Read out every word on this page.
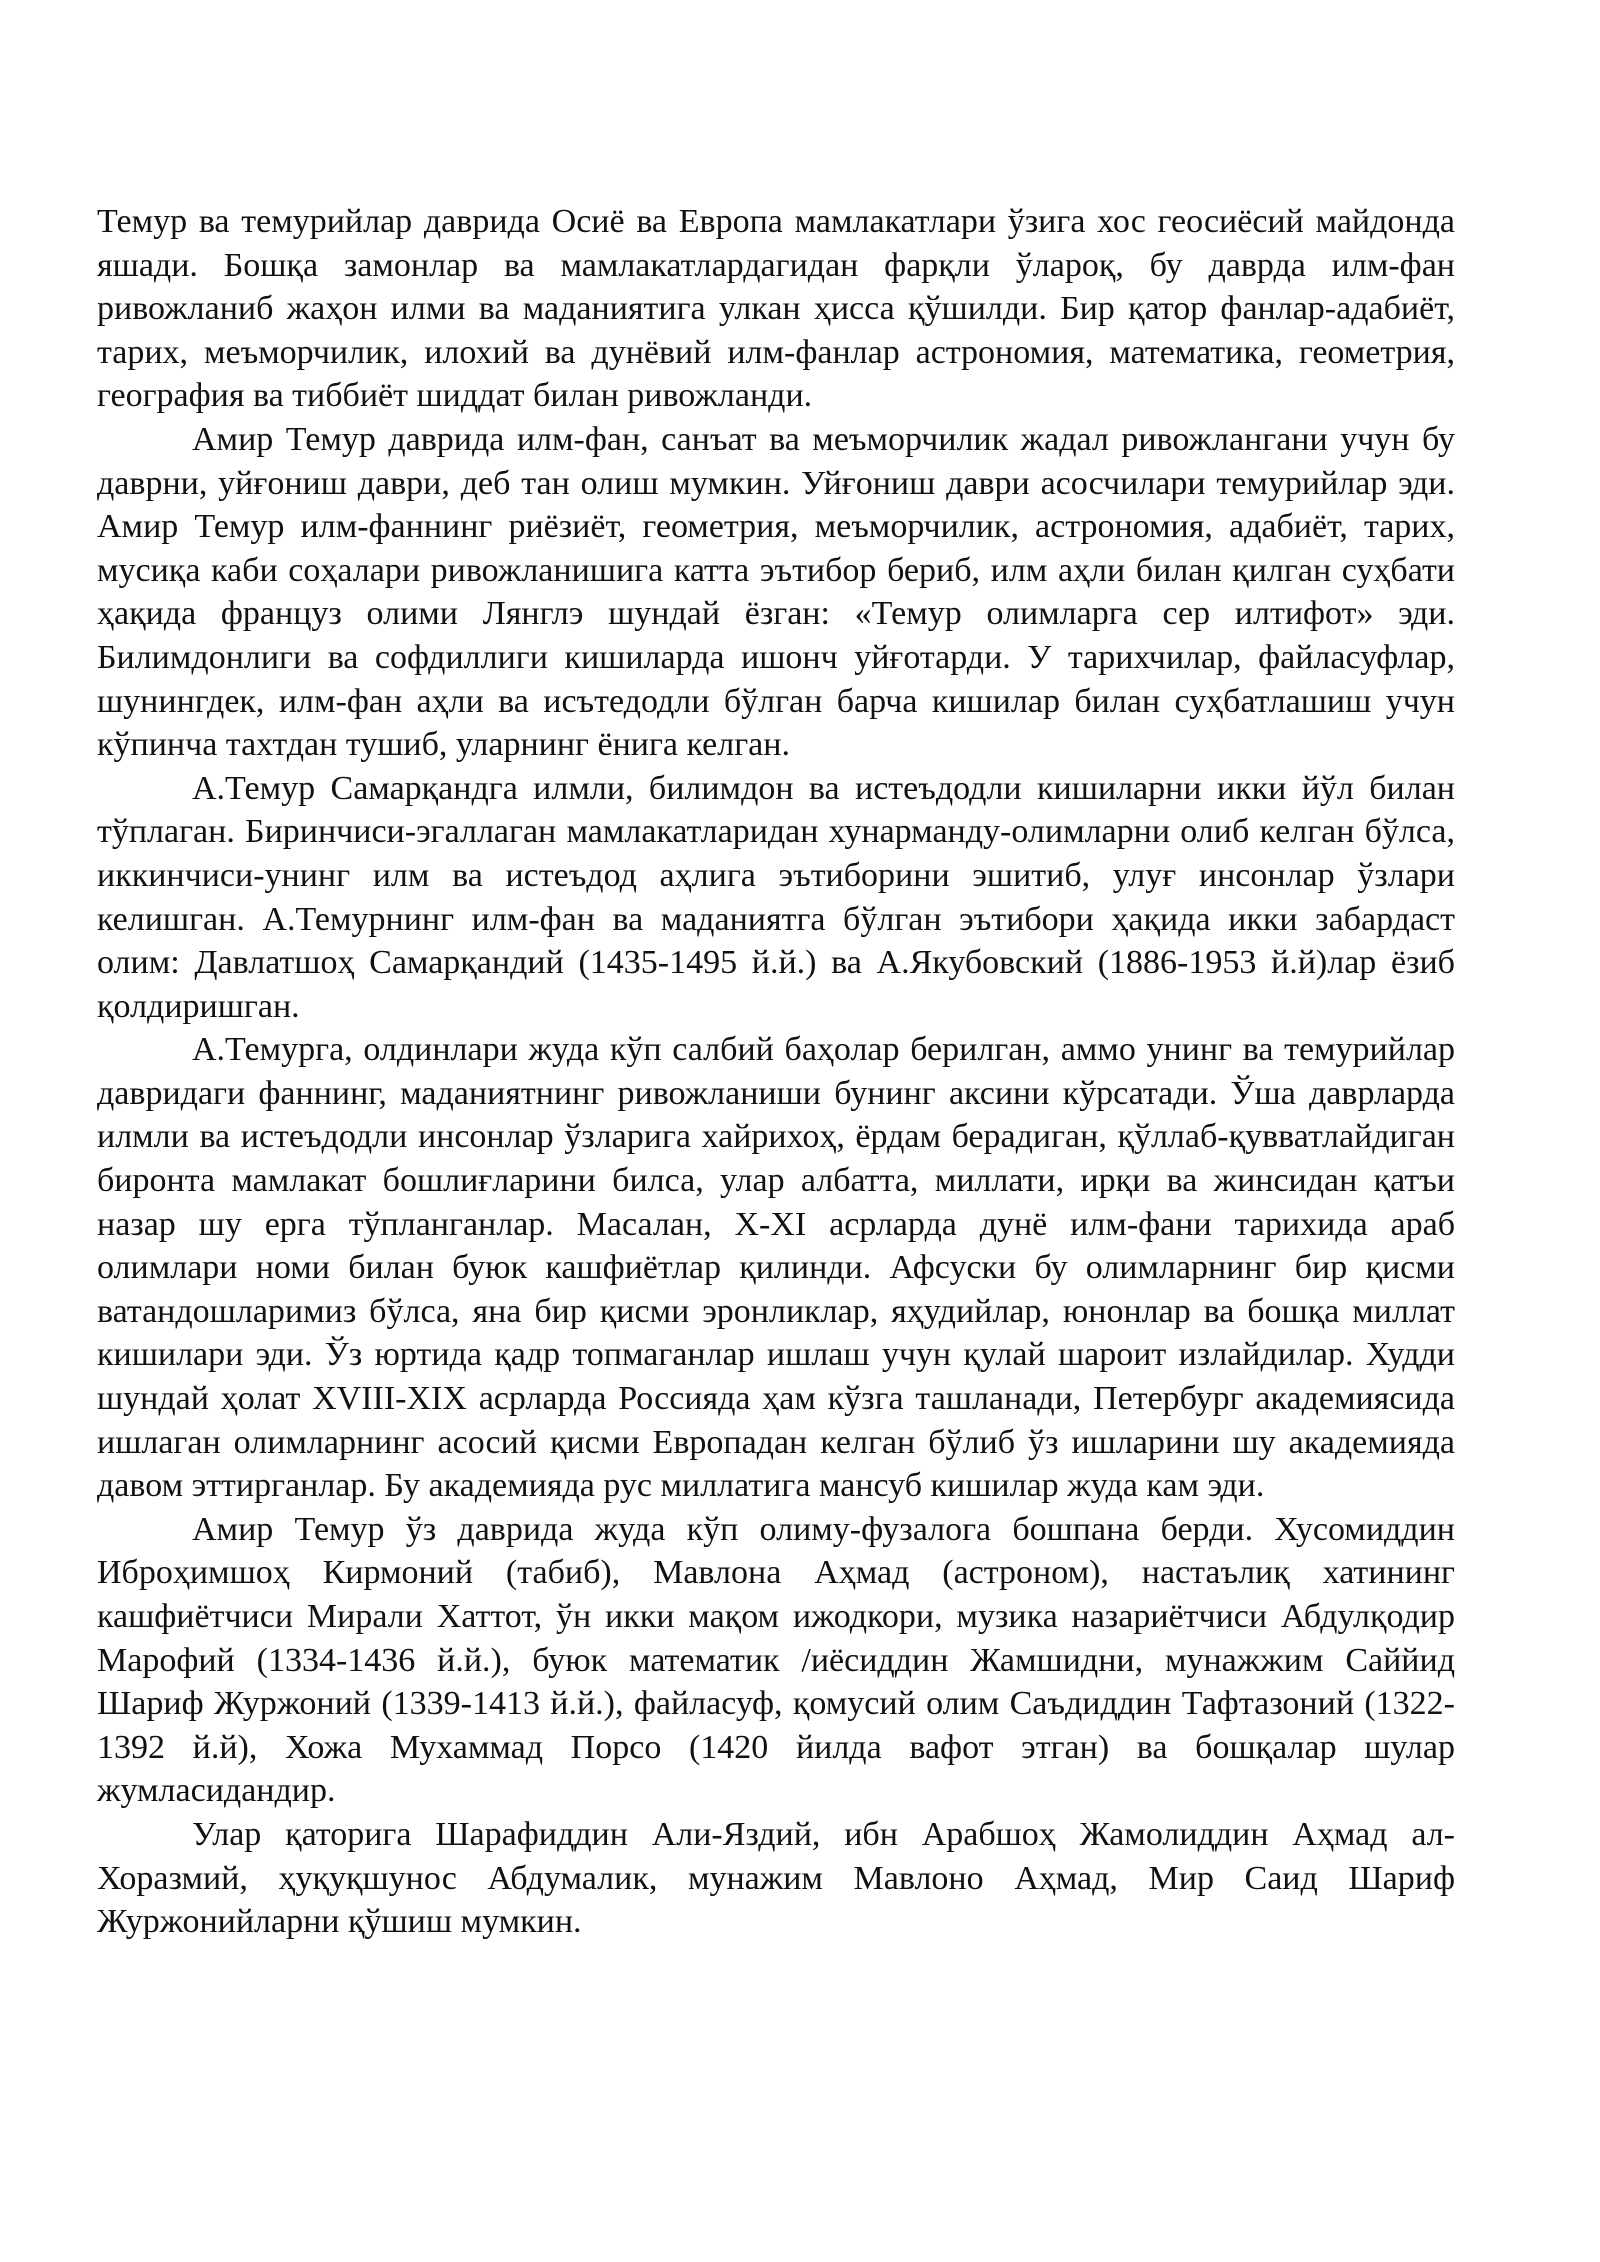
Темур ва темурийлар даврида Осиё ва Европа мамлакатлари ўзига хос геосиёсий майдонда яшади. Бошқа замонлар ва мамлакатлардагидан фарқли ўлароқ, бу даврда илм-фан ривожланиб жаҳон илми ва маданиятига улкан ҳисса қўшилди. Бир қатор фанлар-адабиёт, тарих, меъморчилик, илохий ва дунёвий илм-фанлар астрономия, математика, геометрия, география ва тиббиёт шиддат билан ривожланди.

Амир Темур даврида илм-фан, санъат ва меъморчилик жадал ривожлангани учун бу даврни, уйғониш даври, деб тан олиш мумкин. Уйғониш даври асосчилари темурийлар эди. Амир Темур илм-фаннинг риёзиёт, геометрия, меъморчилик, астрономия, адабиёт, тарих, мусиқа каби соҳалари ривожланишига катта эътибор бериб, илм аҳли билан қилган суҳбати ҳақида француз олими Лянглэ шундай ёзган: «Темур олимларга сер илтифот» эди. Билимдонлиги ва софдиллиги кишиларда ишонч уйғотарди. У тарихчилар, файласуфлар, шунингдек, илм-фан аҳли ва исътедодли бўлган барча кишилар билан суҳбатлашиш учун кўпинча тахтдан тушиб, уларнинг ёнига келган.

А.Темур Самарқандга илмли, билимдон ва истеъдодли кишиларни икки йўл билан тўплаган. Биринчиси-эгаллаган мамлакатларидан хунарманду-олимларни олиб келган бўлса, иккинчиси-унинг илм ва истеъдод аҳлига эътиборини эшитиб, улуғ инсонлар ўзлари келишган. А.Темурнинг илм-фан ва маданиятга бўлган эътибори ҳақида икки забардаст олим: Давлатшоҳ Самарқандий (1435-1495 й.й.) ва А.Якубовский (1886-1953 й.й)лар ёзиб қолдиришган.

А.Темурга, олдинлари жуда кўп салбий баҳолар берилган, аммо унинг ва темурийлар давридаги фаннинг, маданиятнинг ривожланиши бунинг аксини кўрсатади. Ўша даврларда илмли ва истеъдодли инсонлар ўзларига хайрихоҳ, ёрдам берадиган, қўллаб-қувватлайдиган биронта мамлакат бошлиғларини билса, улар албатта, миллати, ирқи ва жинсидан қатъи назар шу ерга тўпланганлар. Масалан, X-XI асрларда дунё илм-фани тарихида араб олимлари номи билан буюк кашфиётлар қилинди. Афсуски бу олимларнинг бир қисми ватандошларимиз бўлса, яна бир қисми эронликлар, яҳудийлар, юнонлар ва бошқа миллат кишилари эди. Ўз юртида қадр топмаганлар ишлаш учун қулай шароит излайдилар. Худди шундай ҳолат XVIII-XIX асрларда Россияда ҳам кўзга ташланади, Петербург академиясида ишлаган олимларнинг асосий қисми Европадан келган бўлиб ўз ишларини шу академияда давом эттирганлар. Бу академияда рус миллатига мансуб кишилар жуда кам эди.

Амир Темур ўз даврида жуда кўп олиму-фузалога бошпана берди. Хусомиддин Иброҳимшоҳ Кирмоний (табиб), Мавлона Аҳмад (астроном), настаълиқ хатининг кашфиётчиси Мирали Хаттот, ўн икки мақом ижодкори, музика назариётчиси Абдулқодир Марофий (1334-1436 й.й.), буюк математик /иёсиддин Жамшидни, мунажжим Саййид Шариф Журжоний (1339-1413 й.й.), файласуф, қомусий олим Саъдиддин Тафтазоний (1322-1392 й.й), Хожа Мухаммад Порсо (1420 йилда вафот этган) ва бошқалар шулар жумласидандир.

Улар қаторига Шарафиддин Али-Яздий, ибн Арабшоҳ Жамолиддин Аҳмад ал-Хоразмий, ҳуқуқшунос Абдумалик, мунажим Мавлоно Аҳмад, Мир Саид Шариф Журжонийларни қўшиш мумкин.
